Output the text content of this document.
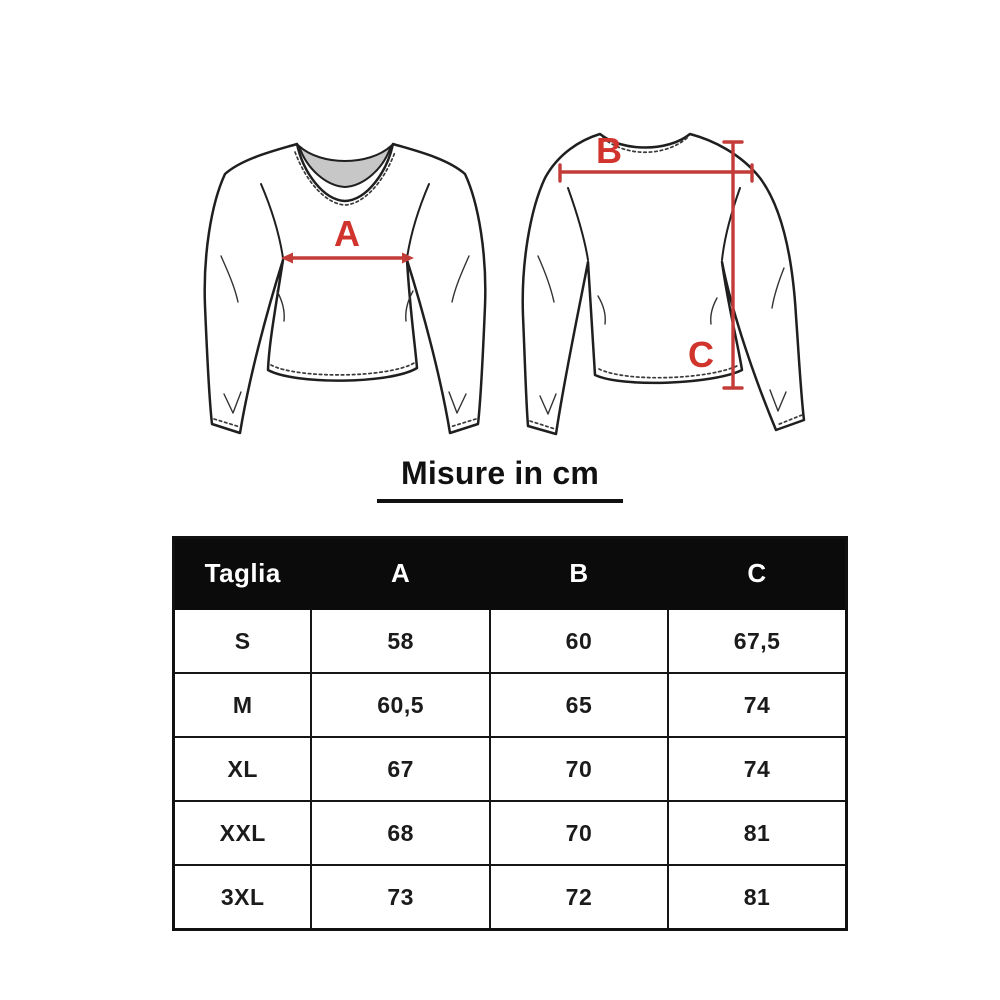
A
B
C
Misure in cm
Taglia	A	B	C
S	58	60	67,5
M	60,5	65	74
XL	67	70	74
XXL	68	70	81
3XL	73	72	81
